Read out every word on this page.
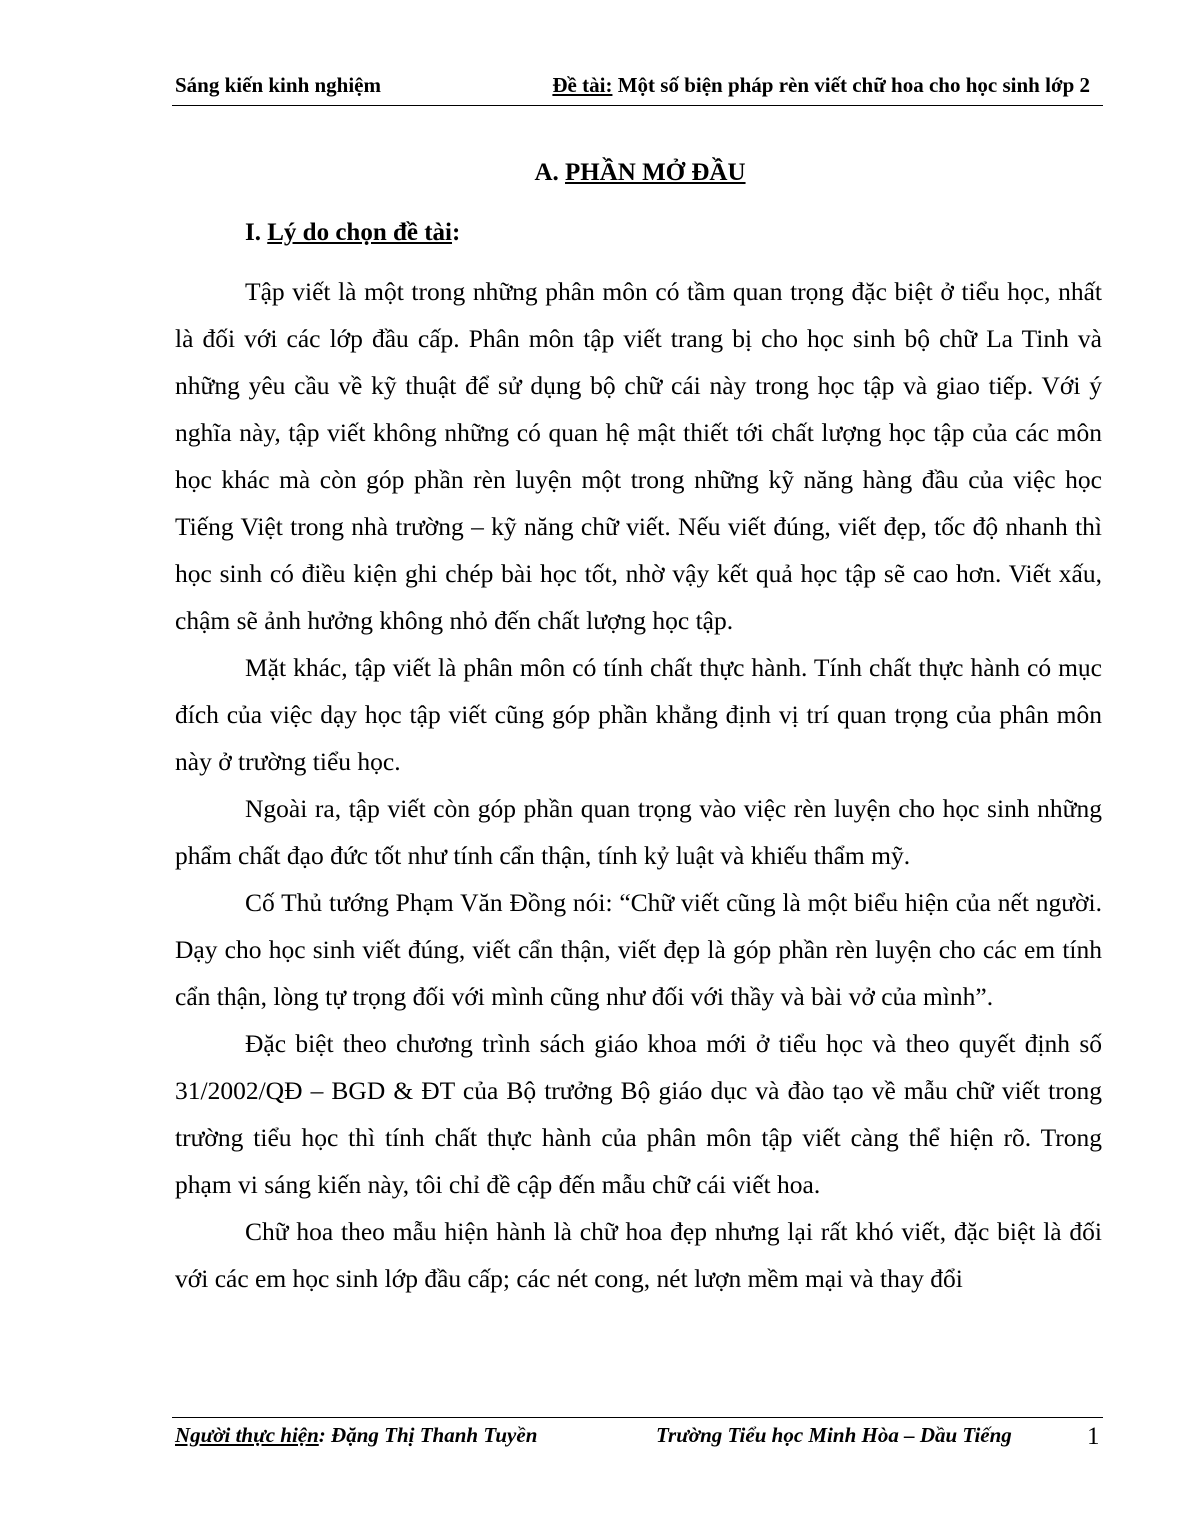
Sáng kiến kinh nghiệm	Đề tài: Một số biện pháp rèn viết chữ hoa cho học sinh lớp 2
A. PHẦN MỞ ĐẦU
I. Lý do chọn đề tài:

Tập viết là một trong những phân môn có tầm quan trọng đặc biệt ở tiểu học, nhất là đối với các lớp đầu cấp. Phân môn tập viết trang bị cho học sinh bộ chữ La Tinh và những yêu cầu về kỹ thuật để sử dụng bộ chữ cái này trong học tập và giao tiếp. Với ý nghĩa này, tập viết không những có quan hệ mật thiết tới chất lượng học tập của các môn học khác mà còn góp phần rèn luyện một trong những kỹ năng hàng đầu của việc học Tiếng Việt trong nhà trường – kỹ năng chữ viết. Nếu viết đúng, viết đẹp, tốc độ nhanh thì học sinh có điều kiện ghi chép bài học tốt, nhờ vậy kết quả học tập sẽ cao hơn. Viết xấu, chậm sẽ ảnh hưởng không nhỏ đến chất lượng học tập.

Mặt khác, tập viết là phân môn có tính chất thực hành. Tính chất thực hành có mục đích của việc dạy học tập viết cũng góp phần khẳng định vị trí quan trọng của phân môn này ở trường tiểu học.

Ngoài ra, tập viết còn góp phần quan trọng vào việc rèn luyện cho học sinh những phẩm chất đạo đức tốt như tính cẩn thận, tính kỷ luật và khiếu thẩm mỹ.

Cố Thủ tướng Phạm Văn Đồng nói: “Chữ viết cũng là một biểu hiện của nết người. Dạy cho học sinh viết đúng, viết cẩn thận, viết đẹp là góp phần rèn luyện cho các em tính cẩn thận, lòng tự trọng đối với mình cũng như đối với thầy và bài vở của mình”.

Đặc biệt theo chương trình sách giáo khoa mới ở tiểu học và theo quyết định số 31/2002/QĐ – BGD & ĐT của Bộ trưởng Bộ giáo dục và đào tạo về mẫu chữ viết trong trường tiểu học thì tính chất thực hành của phân môn tập viết càng thể hiện rõ. Trong phạm vi sáng kiến này, tôi chỉ đề cập đến mẫu chữ cái viết hoa.

Chữ hoa theo mẫu hiện hành là chữ hoa đẹp nhưng lại rất khó viết, đặc biệt là đối với các em học sinh lớp đầu cấp; các nét cong, nét lượn mềm mại và thay đổi

Người thực hiện: Đặng Thị Thanh Tuyền	Trường Tiểu học Minh Hòa – Dầu Tiếng	1
